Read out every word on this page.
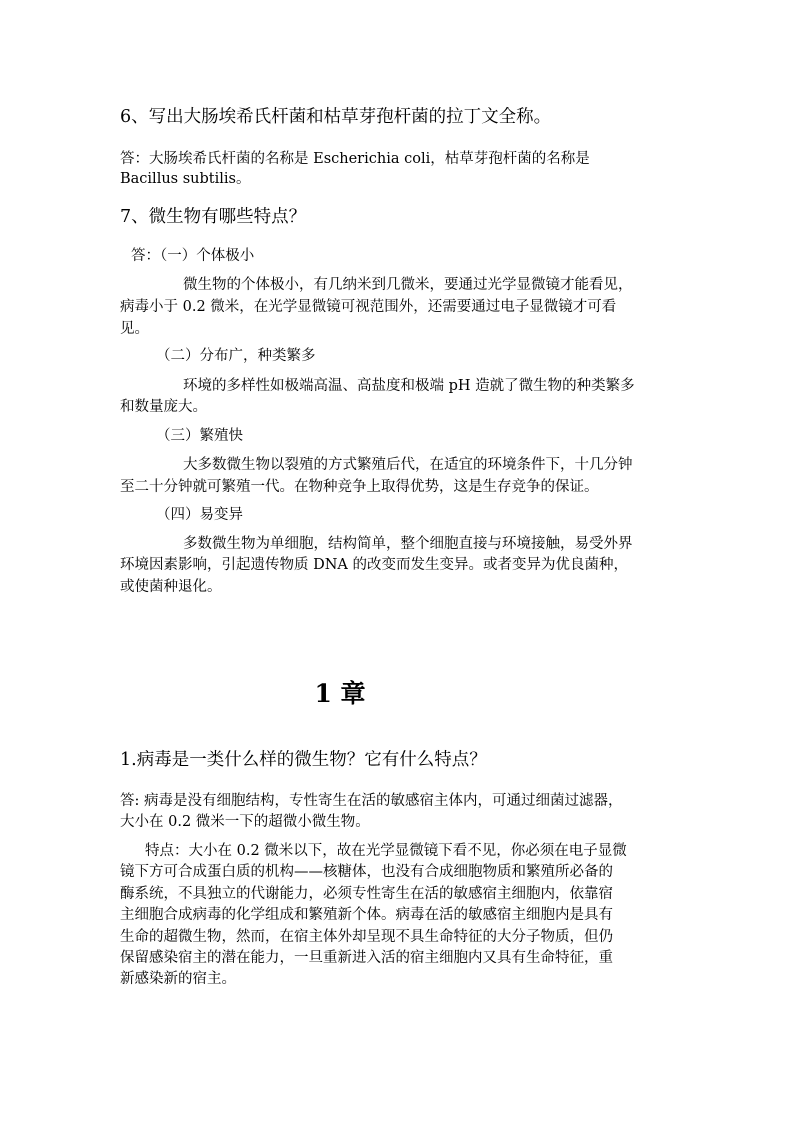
6、写出大肠埃希氏杆菌和枯草芽孢杆菌的拉丁文全称。
答：大肠埃希氏杆菌的名称是 Escherichia coli，枯草芽孢杆菌的名称是
Bacillus subtilis。
7、微生物有哪些特点？
答：（一）个体极小
微生物的个体极小，有几纳米到几微米，要通过光学显微镜才能看见，
病毒小于 0.2 微米，在光学显微镜可视范围外，还需要通过电子显微镜才可看
见。
（二）分布广，种类繁多
环境的多样性如极端高温、高盐度和极端 pH 造就了微生物的种类繁多
和数量庞大。
（三）繁殖快
大多数微生物以裂殖的方式繁殖后代，在适宜的环境条件下，十几分钟
至二十分钟就可繁殖一代。在物种竞争上取得优势，这是生存竞争的保证。
（四）易变异
多数微生物为单细胞，结构简单，整个细胞直接与环境接触，易受外界
环境因素影响，引起遗传物质 DNA 的改变而发生变异。或者变异为优良菌种，
或使菌种退化。
1 章
1.病毒是一类什么样的微生物？它有什么特点？
答: 病毒是没有细胞结构，专性寄生在活的敏感宿主体内，可通过细菌过滤器，
大小在 0.2 微米一下的超微小微生物。
特点：大小在 0.2 微米以下，故在光学显微镜下看不见，你必须在电子显微
镜下方可合成蛋白质的机构——核糖体，也没有合成细胞物质和繁殖所必备的
酶系统，不具独立的代谢能力，必须专性寄生在活的敏感宿主细胞内，依靠宿
主细胞合成病毒的化学组成和繁殖新个体。病毒在活的敏感宿主细胞内是具有
生命的超微生物，然而，在宿主体外却呈现不具生命特征的大分子物质，但仍
保留感染宿主的潜在能力，一旦重新进入活的宿主细胞内又具有生命特征，重
新感染新的宿主。
